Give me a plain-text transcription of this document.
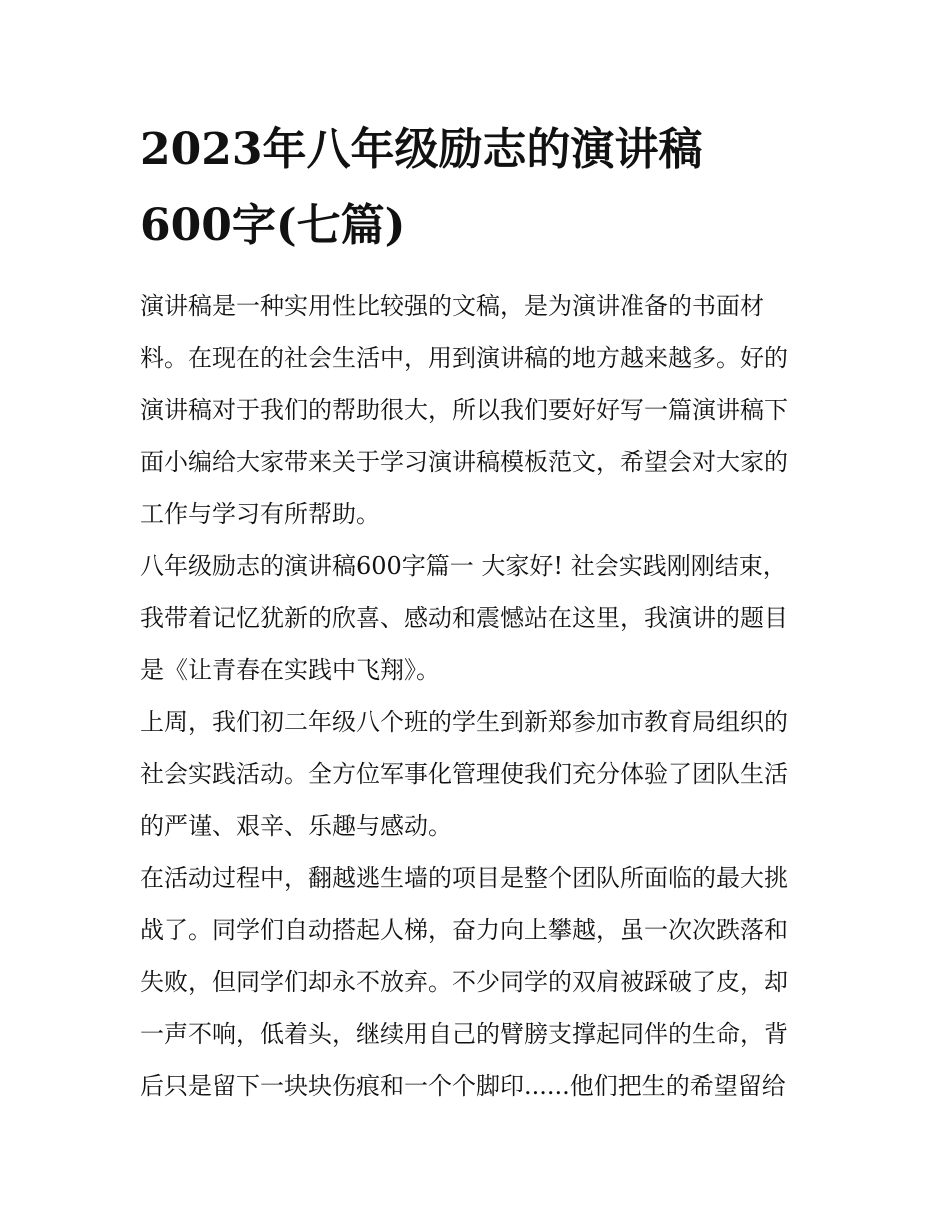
2023年八年级励志的演讲稿
600字(七篇)

演讲稿是一种实用性比较强的文稿，是为演讲准备的书面材
料。在现在的社会生活中，用到演讲稿的地方越来越多。好的
演讲稿对于我们的帮助很大，所以我们要好好写一篇演讲稿下
面小编给大家带来关于学习演讲稿模板范文，希望会对大家的
工作与学习有所帮助。

八年级励志的演讲稿600字篇一 大家好! 社会实践刚刚结束，
我带着记忆犹新的欣喜、感动和震憾站在这里，我演讲的题目
是《让青春在实践中飞翔》。

上周，我们初二年级八个班的学生到新郑参加市教育局组织的
社会实践活动。全方位军事化管理使我们充分体验了团队生活
的严谨、艰辛、乐趣与感动。

在活动过程中，翻越逃生墙的项目是整个团队所面临的最大挑
战了。同学们自动搭起人梯，奋力向上攀越，虽一次次跌落和
失败，但同学们却永不放弃。不少同学的双肩被踩破了皮，却
一声不响，低着头，继续用自己的臂膀支撑起同伴的生命，背
后只是留下一块块伤痕和一个个脚印......他们把生的希望留给
